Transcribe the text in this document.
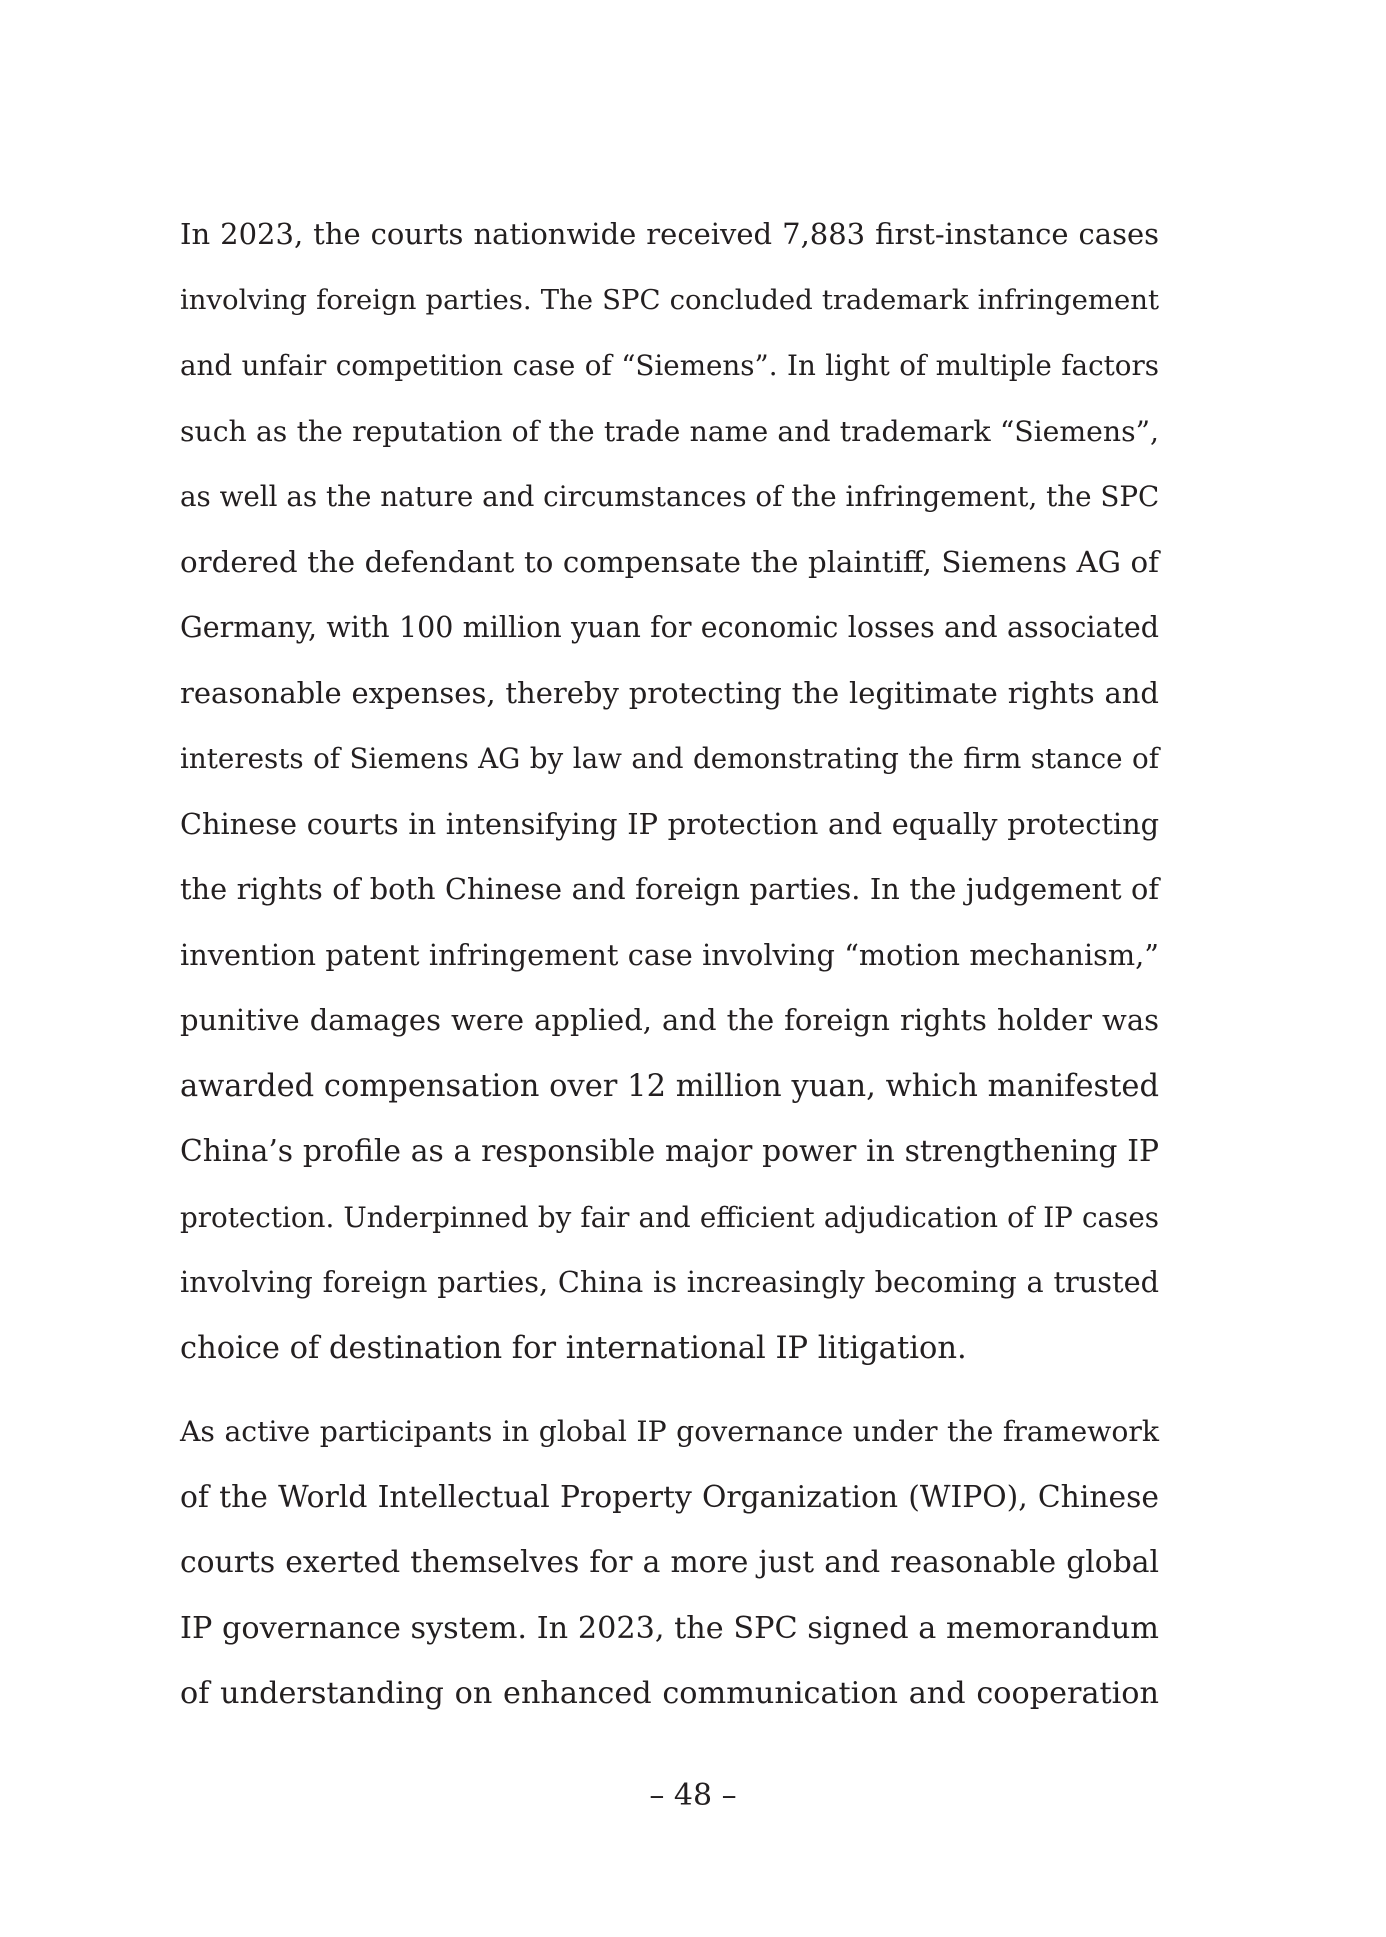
In 2023, the courts nationwide received 7,883 first-instance cases
involving foreign parties. The SPC concluded trademark infringement
and unfair competition case of “Siemens”. In light of multiple factors
such as the reputation of the trade name and trademark “Siemens”,
as well as the nature and circumstances of the infringement, the SPC
ordered the defendant to compensate the plaintiff, Siemens AG of
Germany, with 100 million yuan for economic losses and associated
reasonable expenses, thereby protecting the legitimate rights and
interests of Siemens AG by law and demonstrating the firm stance of
Chinese courts in intensifying IP protection and equally protecting
the rights of both Chinese and foreign parties. In the judgement of
invention patent infringement case involving “motion mechanism,”
punitive damages were applied, and the foreign rights holder was
awarded compensation over 12 million yuan, which manifested
China’s profile as a responsible major power in strengthening IP
protection. Underpinned by fair and efficient adjudication of IP cases
involving foreign parties, China is increasingly becoming a trusted
choice of destination for international IP litigation.
As active participants in global IP governance under the framework
of the World Intellectual Property Organization (WIPO), Chinese
courts exerted themselves for a more just and reasonable global
IP governance system. In 2023, the SPC signed a memorandum
of understanding on enhanced communication and cooperation
– 48 –
